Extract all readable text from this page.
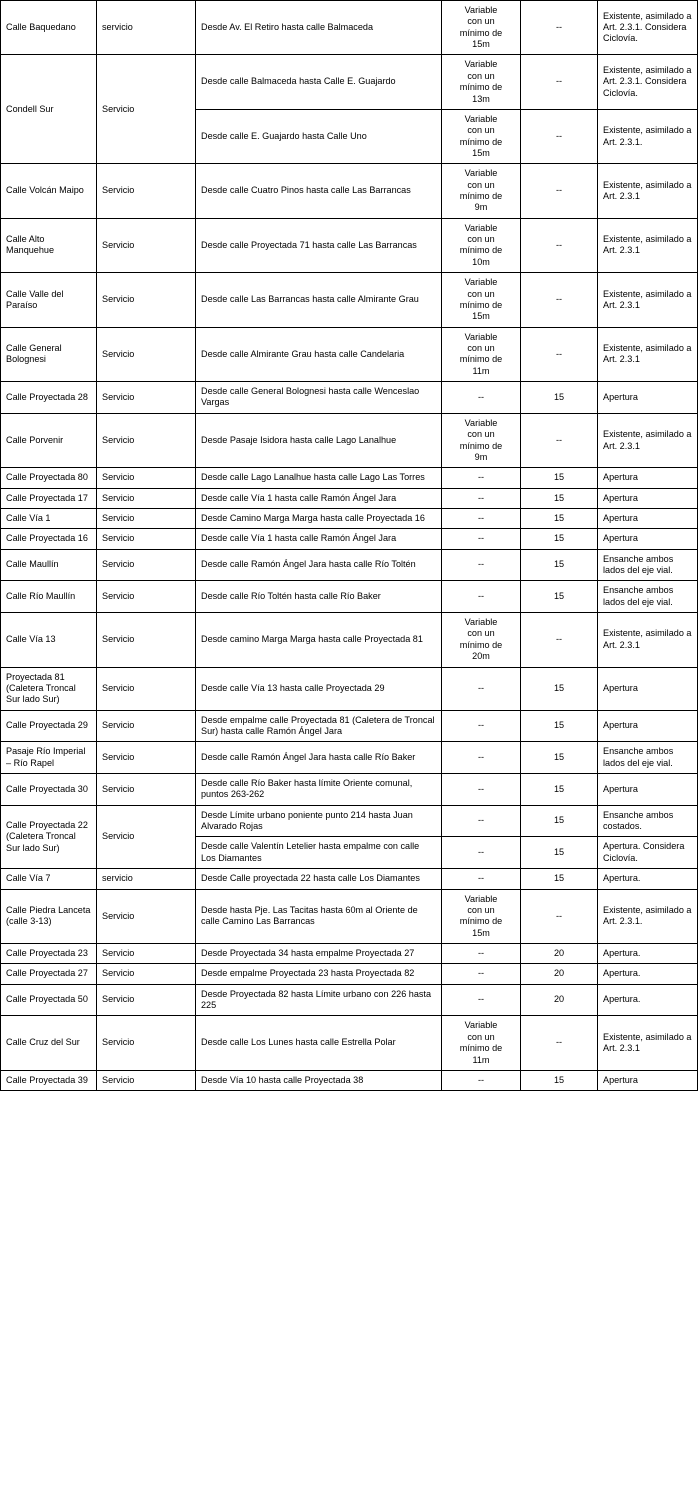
Calle Baquedano	servicio	Desde Av. El Retiro hasta calle Balmaceda	Variable
con un
mínimo de
15m	--	Existente, asimilado a Art. 2.3.1. Considera Ciclovía.
Condell Sur	Servicio	Desde calle Balmaceda hasta Calle E. Guajardo	Variable
con un
mínimo de
13m	--	Existente, asimilado a Art. 2.3.1. Considera Ciclovía.
		Desde calle E. Guajardo hasta Calle Uno	Variable
con un
mínimo de
15m	--	Existente, asimilado a Art. 2.3.1.
Calle Volcán Maipo	Servicio	Desde calle Cuatro Pinos hasta calle Las Barrancas	Variable
con un
mínimo de
9m	--	Existente, asimilado a Art. 2.3.1
Calle Alto Manquehue	Servicio	Desde calle Proyectada 71 hasta calle Las Barrancas	Variable
con un
mínimo de
10m	--	Existente, asimilado a Art. 2.3.1
Calle Valle del Paraíso	Servicio	Desde calle Las Barrancas hasta calle Almirante Grau	Variable
con un
mínimo de
15m	--	Existente, asimilado a Art. 2.3.1
Calle General Bolognesi	Servicio	Desde calle Almirante Grau hasta calle Candelaria	Variable
con un
mínimo de
11m	--	Existente, asimilado a Art. 2.3.1
Calle Proyectada 28	Servicio	Desde calle General Bolognesi hasta calle Wenceslao Vargas	--	15	Apertura
Calle Porvenir	Servicio	Desde Pasaje Isidora hasta calle Lago Lanalhue	Variable
con un
mínimo de
9m	--	Existente, asimilado a Art. 2.3.1
Calle Proyectada 80	Servicio	Desde calle Lago Lanalhue hasta calle Lago Las Torres	--	15	Apertura
Calle Proyectada 17	Servicio	Desde calle Vía 1 hasta calle Ramón Ángel Jara	--	15	Apertura
Calle Vía 1	Servicio	Desde Camino Marga Marga hasta calle Proyectada 16	--	15	Apertura
Calle Proyectada 16	Servicio	Desde calle Vía 1 hasta calle Ramón Ángel Jara	--	15	Apertura
Calle Maullín	Servicio	Desde calle Ramón Ángel Jara hasta calle Río Toltén	--	15	Ensanche ambos lados del eje vial.
Calle Río Maullín	Servicio	Desde calle Río Toltén hasta calle Río Baker	--	15	Ensanche ambos lados del eje vial.
Calle Vía 13	Servicio	Desde camino Marga Marga hasta calle Proyectada 81	Variable
con un
mínimo de
20m	--	Existente, asimilado a Art. 2.3.1
Proyectada 81 (Caletera Troncal Sur lado Sur)	Servicio	Desde calle Vía 13 hasta calle Proyectada 29	--	15	Apertura
Calle Proyectada 29	Servicio	Desde empalme calle Proyectada 81 (Caletera de Troncal Sur) hasta calle Ramón Ángel Jara	--	15	Apertura
Pasaje Río Imperial – Río Rapel	Servicio	Desde calle Ramón Ángel Jara hasta calle Río Baker	--	15	Ensanche ambos lados del eje vial.
Calle Proyectada 30	Servicio	Desde calle Río Baker hasta límite Oriente comunal, puntos 263-262	--	15	Apertura
Calle Proyectada 22 (Caletera Troncal Sur lado Sur)	Servicio	Desde Límite urbano poniente punto 214 hasta Juan Alvarado Rojas	--	15	Ensanche ambos costados.
		Desde calle Valentín Letelier hasta empalme con calle Los Diamantes	--	15	Apertura. Considera Ciclovía.
Calle Vía 7	servicio	Desde Calle proyectada 22 hasta calle Los Diamantes	--	15	Apertura.
Calle Piedra Lanceta (calle 3-13)	Servicio	Desde hasta Pje. Las Tacitas hasta 60m al Oriente de calle Camino Las Barrancas	Variable
con un
mínimo de
15m	--	Existente, asimilado a Art. 2.3.1.
Calle Proyectada 23	Servicio	Desde Proyectada 34 hasta empalme Proyectada 27	--	20	Apertura.
Calle Proyectada 27	Servicio	Desde empalme Proyectada 23 hasta Proyectada 82	--	20	Apertura.
Calle Proyectada 50	Servicio	Desde Proyectada 82 hasta Límite urbano con 226 hasta 225	--	20	Apertura.
Calle Cruz del Sur	Servicio	Desde calle Los Lunes hasta calle Estrella Polar	Variable
con un
mínimo de
11m	--	Existente, asimilado a Art. 2.3.1
Calle Proyectada 39	Servicio	Desde Vía 10 hasta calle Proyectada 38	--	15	Apertura
